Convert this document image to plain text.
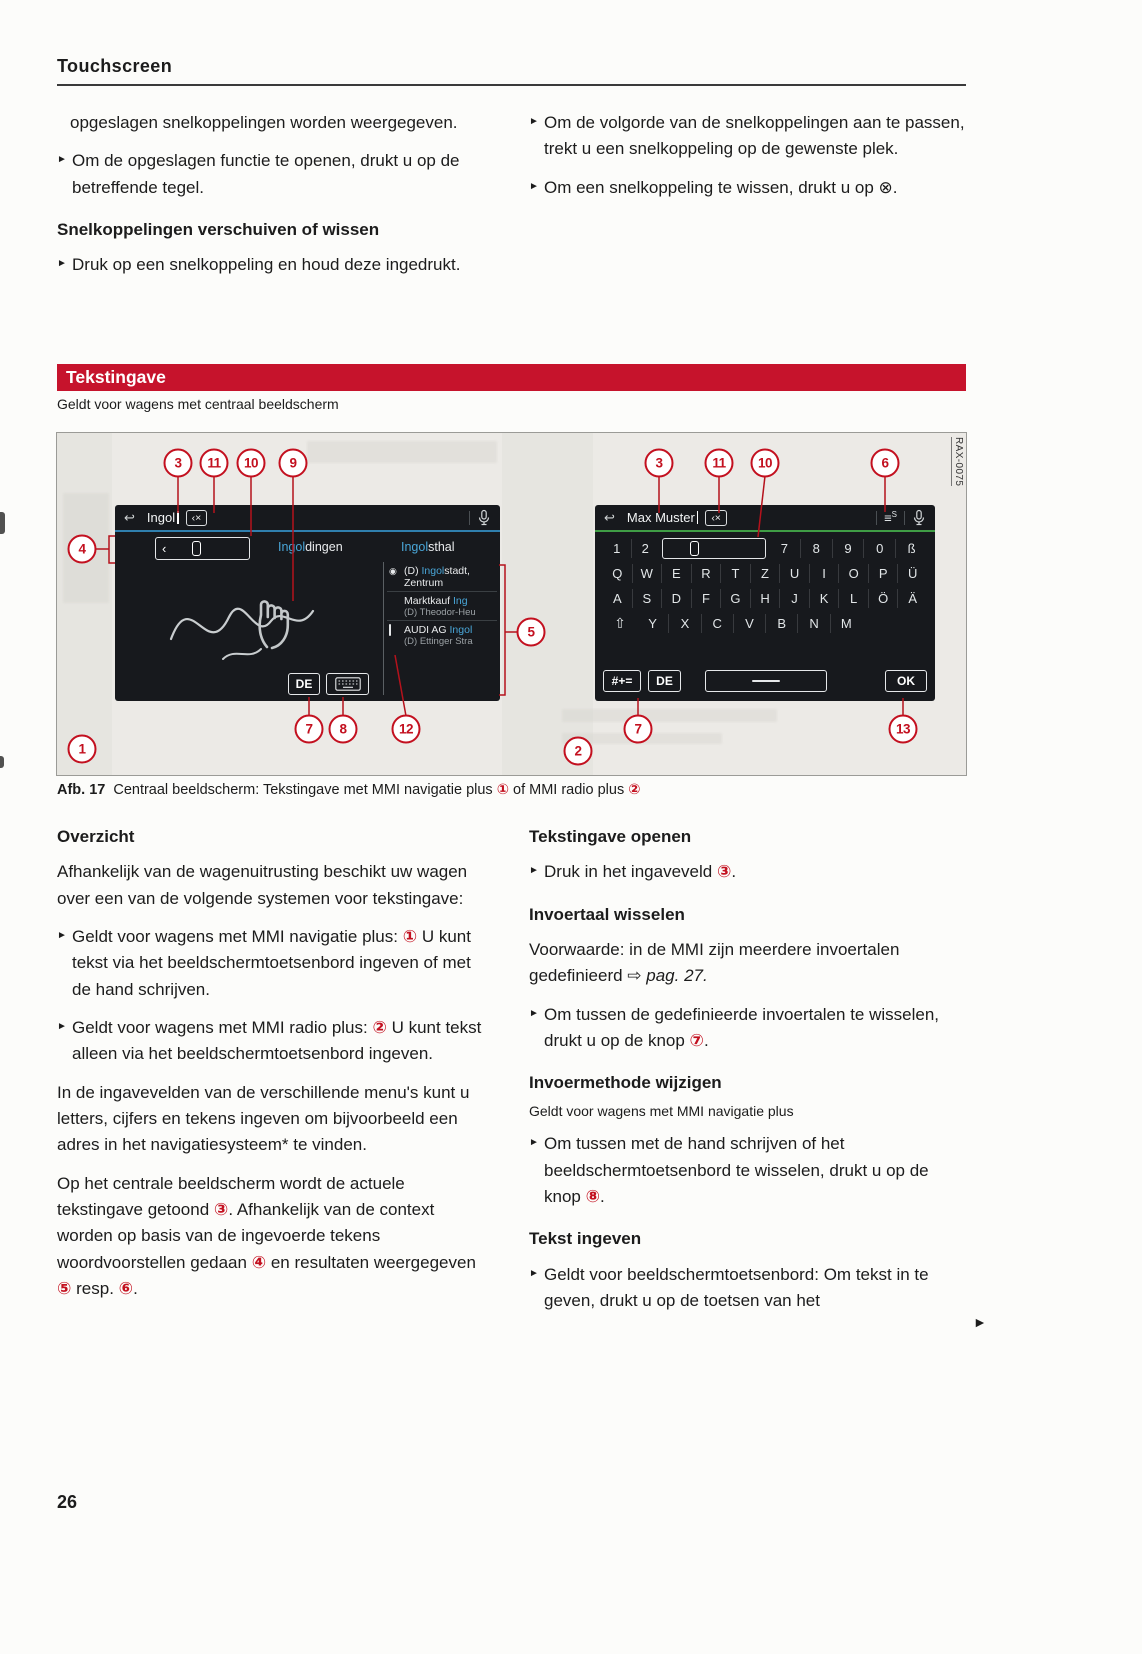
Touchscreen

opgeslagen snelkoppelingen worden weergegeven.

► Om de opgeslagen functie te openen, drukt u op de betreffende tegel.
Snelkoppelingen verschuiven of wissen
► Druk op een snelkoppeling en houd deze ingedrukt.
► Om de volgorde van de snelkoppelingen aan te passen, trekt u een snelkoppeling op de gewenste plek.
► Om een snelkoppeling te wissen, drukt u op ⊗.
Tekstingave
Geldt voor wagens met centraal beeldscherm
RAX-0075
↩ Ingol	‹×
‹	Ingoldingen	Ingolsthal
◉ (D) Ingolstadt,
Zentrum
Marktkauf Ing
(D) Theodor-Heu
AUDI AG Ingol
(D) Ettinger Stra
DE
↩ Max Muster	‹×	≡$^S$
1	2	7	8	9	0	ß
Q	W	E	R	T	Z	U	I	O	P	Ü
A	S	D	F	G	H	J	K	L	Ö	Ä
⇧	Y	X	C	V	B	N	M
#+=	DE	OK
3	11	10	9
4
5
7	8	12
1
3	11	10	6
7	13
2
Afb. 17 Centraal beeldscherm: Tekstingave met MMI navigatie plus ① of MMI radio plus ②
Overzicht

Afhankelijk van de wagenuitrusting beschikt uw wagen over een van de volgende systemen voor tekstingave:

► Geldt voor wagens met MMI navigatie plus: ① U kunt tekst via het beeldschermtoetsenbord ingeven of met de hand schrijven.
► Geldt voor wagens met MMI radio plus: ② U kunt tekst alleen via het beeldschermtoetsenbord ingeven.

In de ingavevelden van de verschillende menu's kunt u letters, cijfers en tekens ingeven om bijvoorbeeld een adres in het navigatiesysteem* te vinden.

Op het centrale beeldscherm wordt de actuele tekstingave getoond ③. Afhankelijk van de context worden op basis van de ingevoerde tekens woordvoorstellen gedaan ④ en resultaten weergegeven ⑤ resp. ⑥.

Tekstingave openen
► Druk in het ingaveveld ③.
Invoertaal wisselen

Voorwaarde: in de MMI zijn meerdere invoertalen gedefinieerd ⇨ pag. 27.

► Om tussen de gedefinieerde invoertalen te wisselen, drukt u op de knop ⑦.
Invoermethode wijzigen

Geldt voor wagens met MMI navigatie plus

► Om tussen met de hand schrijven of het beeldschermtoetsenbord te wisselen, drukt u op de knop ⑧.
Tekst ingeven
► Geldt voor beeldschermtoetsenbord: Om tekst in te geven, drukt u op de toetsen van het
►
26
